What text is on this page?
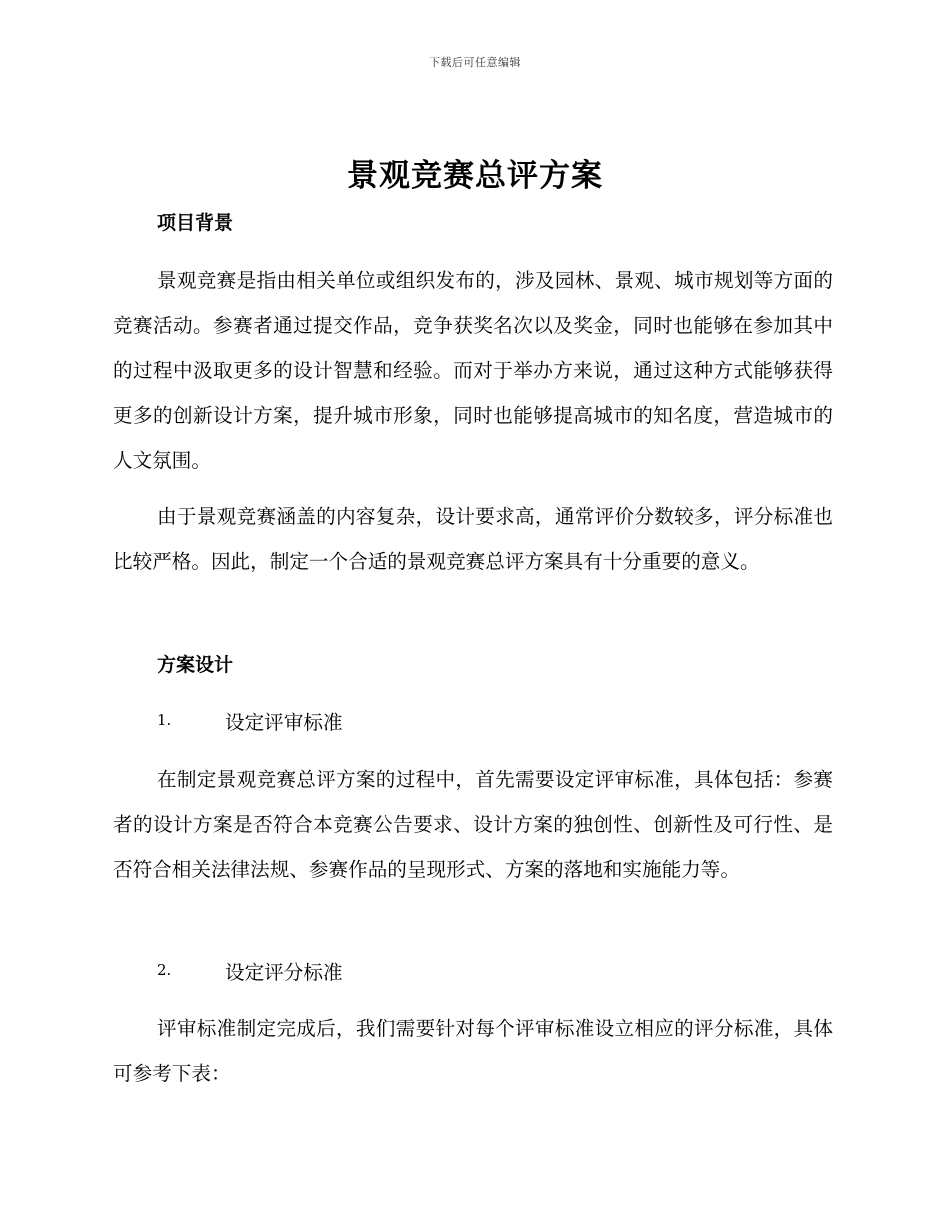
下载后可任意编辑
景观竞赛总评方案
项目背景

景观竞赛是指由相关单位或组织发布的，涉及园林、景观、城市规划等方面的竞赛活动。参赛者通过提交作品，竞争获奖名次以及奖金，同时也能够在参加其中的过程中汲取更多的设计智慧和经验。而对于举办方来说，通过这种方式能够获得更多的创新设计方案，提升城市形象，同时也能够提高城市的知名度，营造城市的人文氛围。

由于景观竞赛涵盖的内容复杂，设计要求高，通常评价分数较多，评分标准也比较严格。因此，制定一个合适的景观竞赛总评方案具有十分重要的意义。

方案设计
1.	设定评审标准

在制定景观竞赛总评方案的过程中，首先需要设定评审标准，具体包括：参赛者的设计方案是否符合本竞赛公告要求、设计方案的独创性、创新性及可行性、是否符合相关法律法规、参赛作品的呈现形式、方案的落地和实施能力等。

2.	设定评分标准

评审标准制定完成后，我们需要针对每个评审标准设立相应的评分标准，具体可参考下表：
